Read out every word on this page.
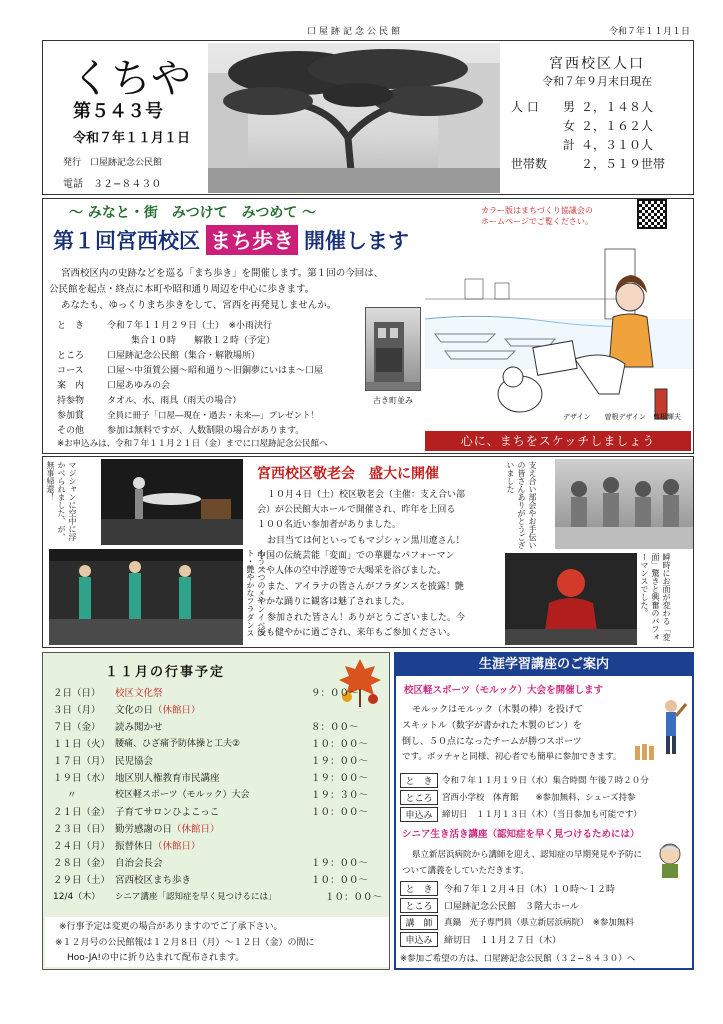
口屋跡記念公民館	令和７年１１月１日
くちや
第５４３号
令和７年１１月１日
発行　口屋跡記念公民館
電話　３２−８４３０
宮西校区人口
令和７年９月末日現在
人 口	男 ２，１４８人
女 ２，１６２人
計 ４，３１０人
世帯数	２，５１９世帯
〜 みなと・街　みつけて　みつめて 〜	カラー版はまちづくり協議会の
ホームページでご覧ください。
第１回宮西校区 まち歩き 開催します
宮西校区内の史跡などを巡る「まち歩き」を開催します。第１回の今回は、
公民館を起点・終点に本町や昭和通り周辺を中心に歩きます。
あなたも、ゆっくりまち歩きをして、宮西を再発見しませんか。
と　き	令和７年１１月２９日（土）　※小雨決行
集合１０時　　解散１２時（予定）
ところ	口屋跡記念公民館（集合・解散場所）
コース	口屋〜中須賀公園〜昭和通り〜旧銅夢にいはま〜口屋
案　内	口屋あゆみの会
持参物	タオル、水、雨具（雨天の場合）
参加賞	全員に冊子「口屋―現在・過去・未来―」プレゼント！
その他	参加は無料ですが、人数制限の場合があります。
※お申込みは、令和７年１１月２１日（金）までに口屋跡記念公民館へ
古き町並み
デザイン　　曽根デザイン　曽根輝夫
心に、まちをスケッチしましょう
マジシャンに空中に浮かべられました、が、無事帰還！
もう一つのメインイベント・艶やかなフラダンス
宮西校区敬老会　盛大に開催
１０月４日（土）校区敬老会（主催：支え合い部
会）が公民館大ホールで開催され、昨年を上回る
１００名近い参加者がありました。
お目当ては何といってもマジシャン黒川遼さん！
中国の伝統芸能「変面」での華麗なパフォーマン
スや人体の空中浮遊等で大喝采を浴びました。
また、アイラナの皆さんがフラダンスを披露！艶
やかな踊りに観客は魅了されました。
参加された皆さん！ありがとうございました。今
後も健やかに過ごされ、来年もご参加ください。
支え合い部会やお手伝いの皆さんありがとうございました
瞬時にお面が変わる「変面」驚きと興奮のパフォーマンスでした。
１１月の行事予定
２日（日）	校区文化祭	９：００〜
３日（月）	文化の日（休館日）
７日（金）	読み聞かせ	８：００〜
１１日（火） 腰痛、ひざ痛予防体操と工夫②	１０：００〜
１７日（月） 民児協会	１９：００〜
１９日（水） 地区別人権教育市民講座	１９：００〜
〃	校区軽スポーツ（モルック）大会	１９：３０〜
２１日（金） 子育てサロンひよこっこ	１０：００〜
２３日（日） 勤労感謝の日（休館日）
２４日（月） 振替休日（休館日）
２８日（金） 自治会長会	１９：００〜
２９日（土） 宮西校区まち歩き	１０：００〜
12/4（木）	シニア講座「認知症を早く見つけるには」	１０：００〜
※行事予定は変更の場合がありますのでご了承下さい。
※１２月号の公民館報は１２月８日（月）〜１２日（金）の間に
Hoo-JA!の中に折り込まれて配布されます。
生涯学習講座のご案内
校区軽スポーツ（モルック）大会を開催します
モルックはモルック（木製の棒）を投げて
スキットル（数字が書かれた木製のピン）を
倒し、５０点になったチームが勝つスポーツ
です。ボッチャと同様、初心者でも簡単に参加できます。
と　き	令和７年１１月１９日（水）集合時間 午後７時２０分
ところ	宮西小学校　体育館　　※参加無料、シューズ持参
申込み	締切日　１１月１３日（木）（当日参加も可能です）
シニア生き活き講座（認知症を早く見つけるためには）
県立新居浜病院から講師を迎え、認知症の早期発見や予防に
ついて講義をしていただきます。
と　き	令和７年１２月４日（木）１０時〜１２時
ところ	口屋跡記念公民館　３階大ホール
講　師	真鍋　光子専門員（県立新居浜病院）　※参加無料
申込み	締切日　１１月２７日（木）
※参加ご希望の方は、口屋跡記念公民館（３２−８４３０）へ
